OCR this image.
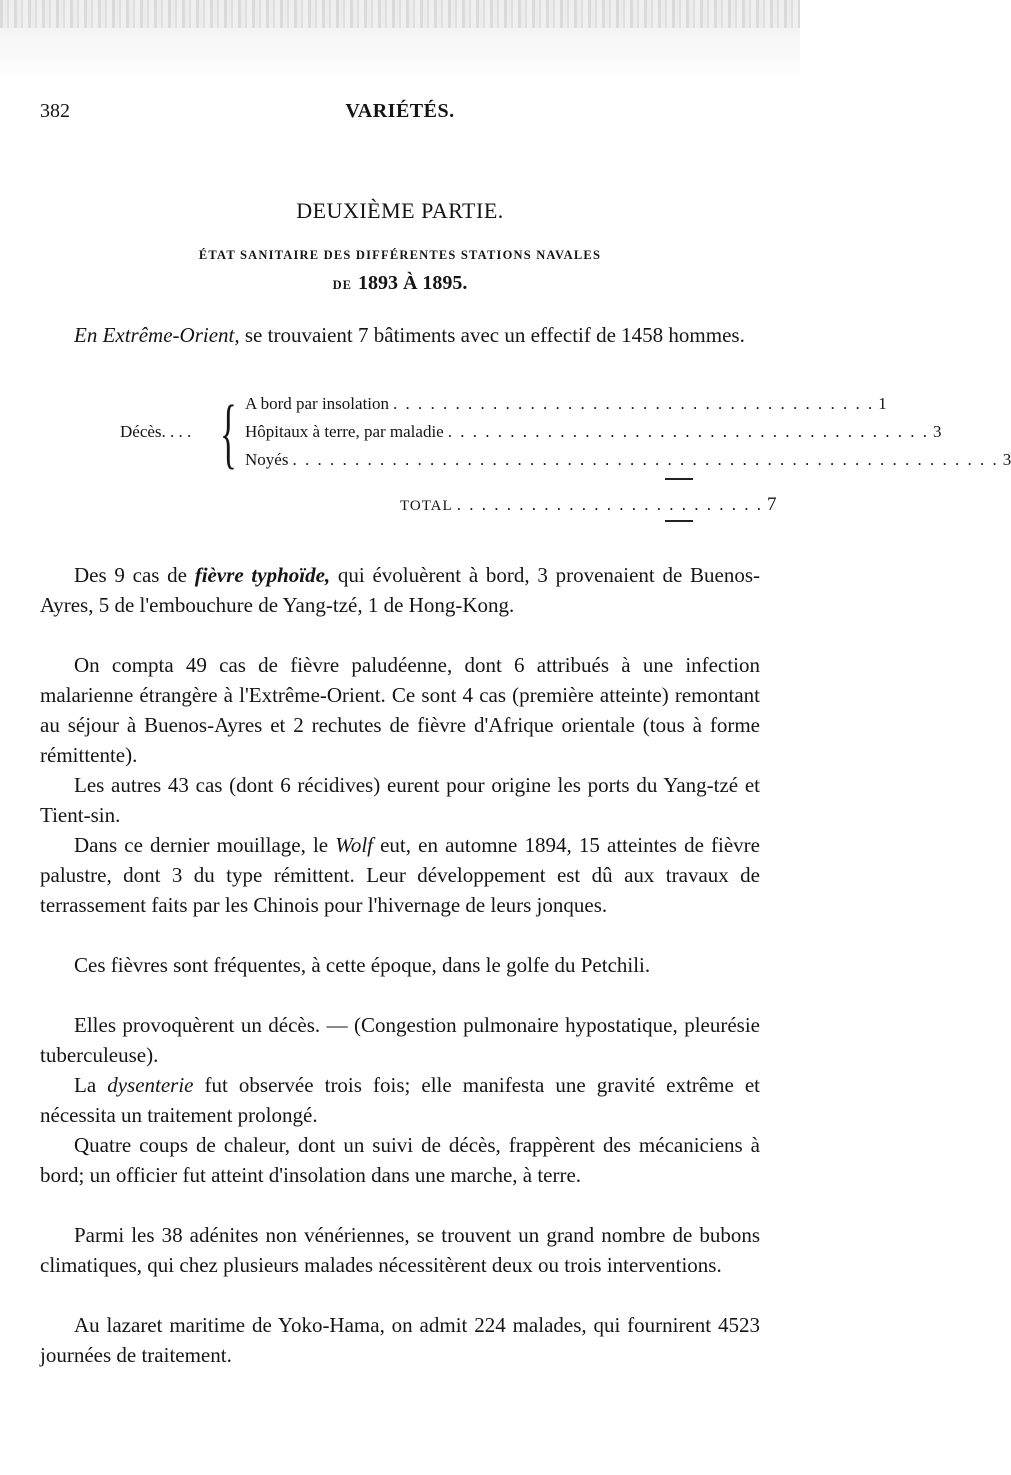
382	VARIÉTÉS.
DEUXIÈME PARTIE.
ÉTAT SANITAIRE DES DIFFÉRENTES STATIONS NAVALES
DE 1893 À 1895.

En Extrême-Orient, se trouvaient 7 bâtiments avec un effectif de 1458 hommes.

Décès. . . . { A bord par insolation . . . . . . . . . . . . . . . . . . . . . . . . . . . . . . . . . . . . . . . 1
Hôpitaux à terre, par maladie . . . . . . . . . . . . . . . . . . . . . . . . . . . . . . . . . . . . . . . 3
Noyés . . . . . . . . . . . . . . . . . . . . . . . . . . . . . . . . . . . . . . . . . . . . . . . . . . . . . . . . . 3
TOTAL . . . . . . . . . . . . . . . . . . . . . . . . . 7

Des 9 cas de fièvre typhoïde, qui évoluèrent à bord, 3 provenaient de Buenos-Ayres, 5 de l'embouchure de Yang-tzé, 1 de Hong-Kong.

On compta 49 cas de fièvre paludéenne, dont 6 attribués à une infection malarienne étrangère à l'Extrême-Orient. Ce sont 4 cas (première atteinte) remontant au séjour à Buenos-Ayres et 2 rechutes de fièvre d'Afrique orientale (tous à forme rémittente).

Les autres 43 cas (dont 6 récidives) eurent pour origine les ports du Yang-tzé et Tient-sin.

Dans ce dernier mouillage, le Wolf eut, en automne 1894, 15 atteintes de fièvre palustre, dont 3 du type rémittent. Leur développement est dû aux travaux de terrassement faits par les Chinois pour l'hivernage de leurs jonques.

Ces fièvres sont fréquentes, à cette époque, dans le golfe du Petchili.

Elles provoquèrent un décès. — (Congestion pulmonaire hypostatique, pleurésie tuberculeuse).

La dysenterie fut observée trois fois; elle manifesta une gravité extrême et nécessita un traitement prolongé.

Quatre coups de chaleur, dont un suivi de décès, frappèrent des mécaniciens à bord; un officier fut atteint d'insolation dans une marche, à terre.

Parmi les 38 adénites non vénériennes, se trouvent un grand nombre de bubons climatiques, qui chez plusieurs malades nécessitèrent deux ou trois interventions.

Au lazaret maritime de Yoko-Hama, on admit 224 malades, qui fournirent 4523 journées de traitement.
